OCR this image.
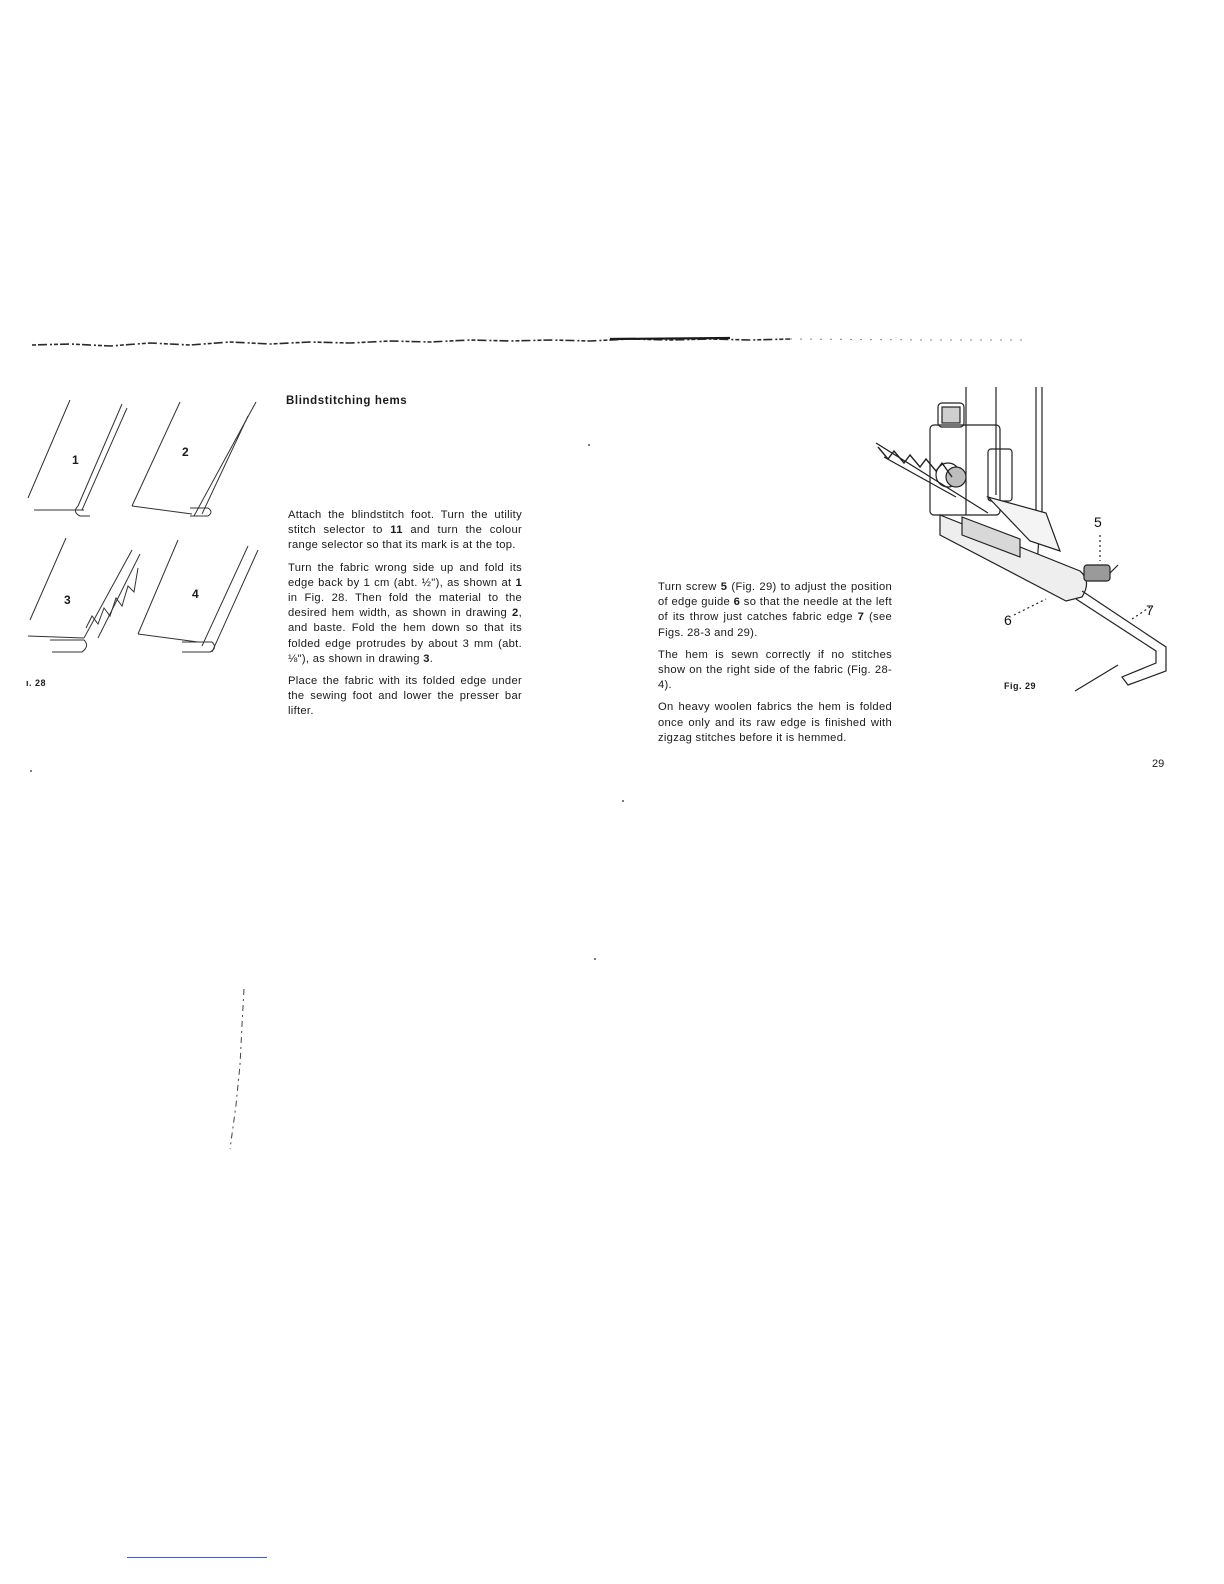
1
2
3	4
ı. 28
Blindstitching hems

Attach the blindstitch foot. Turn the utility stitch selector to 11 and turn the colour range selector so that its mark is at the top.

Turn the fabric wrong side up and fold its edge back by 1 cm (abt. ½"), as shown at 1 in Fig. 28. Then fold the material to the desired hem width, as shown in drawing 2, and baste. Fold the hem down so that its folded edge protrudes by about 3 mm (abt. ⅛"), as shown in drawing 3.

Place the fabric with its folded edge under the sewing foot and lower the presser bar lifter.

Turn screw 5 (Fig. 29) to adjust the position of edge guide 6 so that the needle at the left of its throw just catches fabric edge 7 (see Figs. 28-3 and 29).

The hem is sewn correctly if no stitches show on the right side of the fabric (Fig. 28-4).

On heavy woolen fabrics the hem is folded once only and its raw edge is finished with zigzag stitches before it is hemmed.

5
6
7
Fig. 29
29
